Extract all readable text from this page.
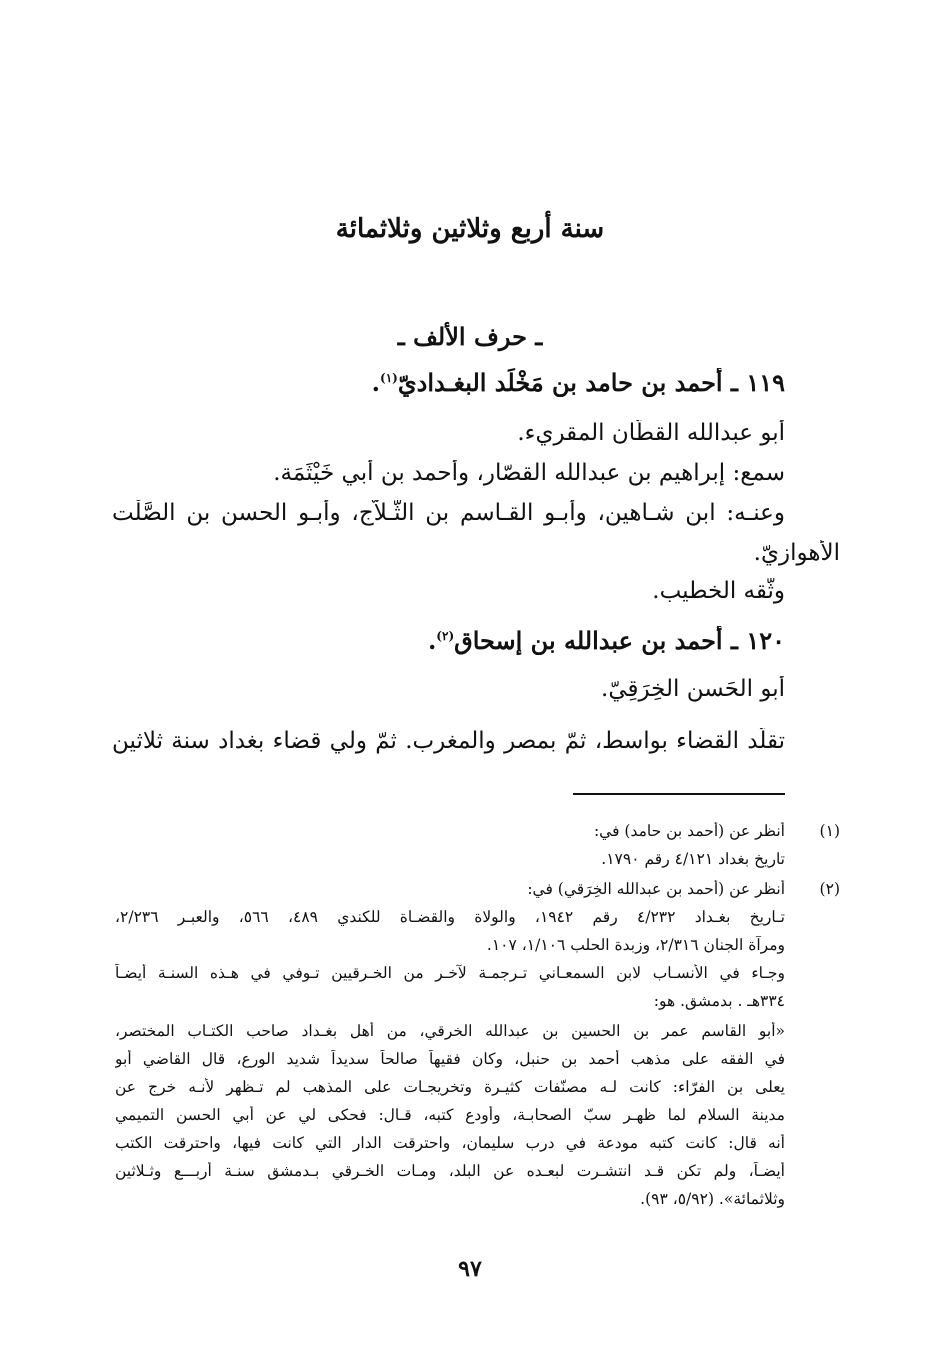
سنة أربع وثلاثين وثلاثمائة
ـ حرف الألف ـ
١١٩ ـ أحمد بن حامد بن مَخْلَد البغـداديّ$^{(١)}$.
أبو عبدالله القطّان المقريء.
سمع: إبراهيم بن عبدالله القصّار، وأحمد بن أبي خَيْثَمَة.
وعنـه: ابن شـاهين، وأبـو القـاسم بن الثَّـلاّج، وأبـو الحسن بن الصَّلْت
الأهوازيّ.
وثّقه الخطيب.
١٢٠ ـ أحمد بن عبدالله بن إسحاق$^{(٢)}$.
أبو الحَسن الخِرَقِيّ.
تقلّد القضاء بواسط، ثمّ بمصر والمغرب. ثمّ ولي قضاء بغداد سنة ثلاثين
(١)
أنظر عن (أحمد بن حامد) في:
تاريخ بغداد ٤/١٢١ رقم ١٧٩٠.
(٢)
أنظر عن (أحمد بن عبدالله الخِرَقي) في:
تـاريخ بغـداد ٤/٢٣٢ رقم ١٩٤٢، والولاة والقضـاة للكندي ٤٨٩، ٥٦٦، والعبـر ٢/٢٣٦،
ومرآة الجنان ٢/٣١٦، وزبدة الحلب ١/١٠٦، ١٠٧.
وجـاء في الأنسـاب لابن السمعـاني تـرجمـة لآخـر من الخـرقيين تـوفي في هـذه السنـة أيضـاً
٣٣٤هـ . بدمشق. هو:
«أبو القاسم عمر بن الحسين بن عبدالله الخرقي، من أهل بغـداد صاحب الكتـاب المختصر،
في الفقه على مذهب أحمد بن حنبل، وكان فقيهاً صالحاً سديداً شديد الورع، قال القاضي أبو
يعلى بن الفرّاء: كانت لـه مصنّفات كثيـرة وتخريجـات على المذهب لم تـظهر لأنـه خرج عن
مدينة السلام لما ظهـر سبّ الصحابـة، وأودع كتبه، قـال: فحكى لي عن أبي الحسن التميمي
أنه قال: كانت كتبه مودعة في درب سليمان، واحترقت الدار التي كانت فيها، واحترقت الكتب
أيضـاً، ولم تكن قـد انتشـرت لبعـده عن البلد، ومـات الخـرقي بـدمشق سنـة أربـــع وثـلاثين
وثلاثمائة». (٥/٩٢، ٩٣).
٩٧
